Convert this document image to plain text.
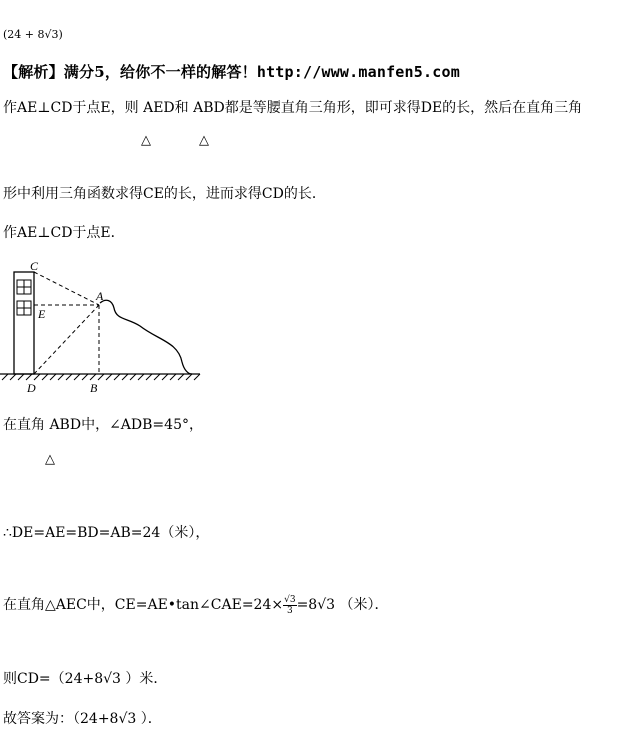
(24 + 8√3)
【解析】满分5，给你不一样的解答！http://www.manfen5.com
作AE⊥CD于点E，则 AED和 ABD都是等腰直角三角形，即可求得DE的长，然后在直角三角
△	△
形中利用三角函数求得CE的长，进而求得CD的长．
作AE⊥CD于点E．
C
A
E
D	B
在直角 ABD中，∠ADB=45°，
△
∴DE=AE=BD=AB=24（米），
在直角△AEC中，CE=AE•tan∠CAE=24× $\frac{√3}{3} =8√3$ （米）．
则CD=（24+8√3 ）米．
故答案为：（24+8√3 ）．
